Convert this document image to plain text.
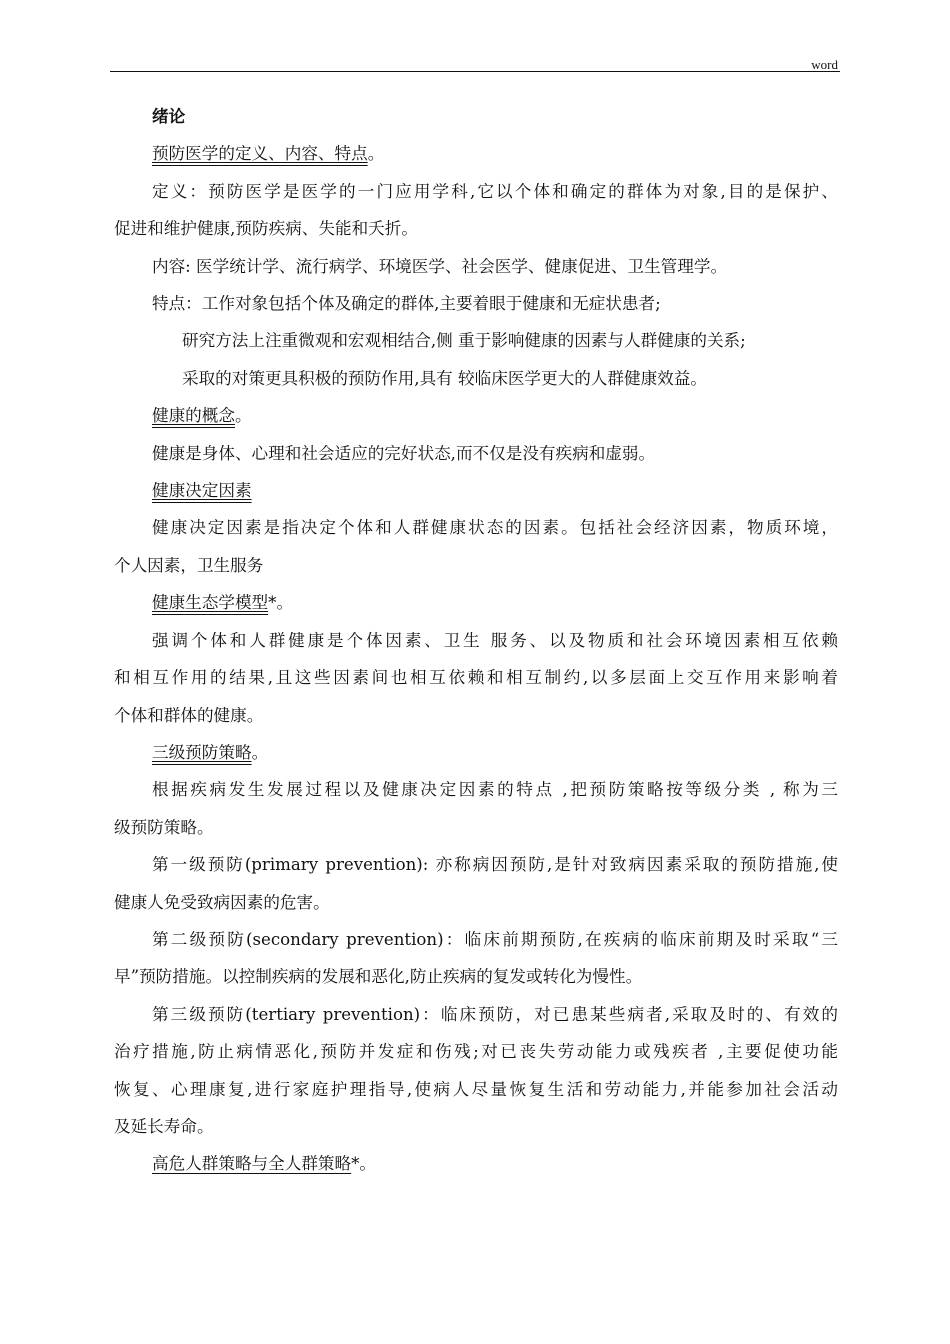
word

绪论

预防医学的定义、内容、特点。

定义：预防医学是医学的一门应用学科,它以个体和确定的群体为对象,目的是保护、

促进和维护健康,预防疾病、失能和夭折。

内容: 医学统计学、流行病学、环境医学、社会医学、健康促进、卫生管理学。

特点：工作对象包括个体及确定的群体,主要着眼于健康和无症状患者;

研究方法上注重微观和宏观相结合,侧 重于影响健康的因素与人群健康的关系;

采取的对策更具积极的预防作用,具有 较临床医学更大的人群健康效益。

健康的概念。

健康是身体、心理和社会适应的完好状态,而不仅是没有疾病和虚弱。

健康决定因素

健康决定因素是指决定个体和人群健康状态的因素。包括社会经济因素，物质环境，

个人因素，卫生服务

健康生态学模型*。

强调个体和人群健康是个体因素、卫生 服务、以及物质和社会环境因素相互依赖

和相互作用的结果,且这些因素间也相互依赖和相互制约,以多层面上交互作用来影响着

个体和群体的健康。

三级预防策略。

根据疾病发生发展过程以及健康决定因素的特点 ,把预防策略按等级分类 , 称为三

级预防策略。

第一级预防(primary prevention): 亦称病因预防,是针对致病因素采取的预防措施,使

健康人免受致病因素的危害。

第二级预防(secondary prevention)：临床前期预防,在疾病的临床前期及时采取“三

早”预防措施。以控制疾病的发展和恶化,防止疾病的复发或转化为慢性。

第三级预防(tertiary prevention)：临床预防，对已患某些病者,采取及时的、有效的

治疗措施,防止病情恶化,预防并发症和伤残;对已丧失劳动能力或残疾者 ,主要促使功能

恢复、心理康复,进行家庭护理指导,使病人尽量恢复生活和劳动能力,并能参加社会活动

及延长寿命。

高危人群策略与全人群策略*。
